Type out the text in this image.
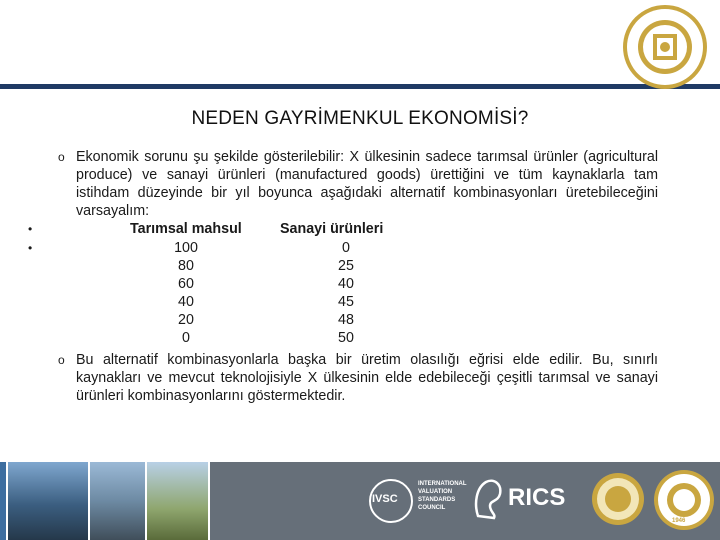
NEDEN GAYRİMENKUL EKONOMİSİ?
o Ekonomik sorunu şu şekilde gösterilebilir: X ülkesinin sadece tarımsal ürünler (agricultural produce) ve sanayi ürünleri (manufactured goods) ürettiğini ve tüm kaynaklarla tam istihdam düzeyinde bir yıl boyunca aşağıdaki alternatif kombinasyonları üretebileceğini varsayalım:
•	Tarımsal mahsul	Sanayi ürünleri
•	100	0
80	25
60	40
40	45
20	48
0	50
o Bu alternatif kombinasyonlarla başka bir üretim olasılığı eğrisi elde edilir. Bu, sınırlı kaynakları ve mevcut teknolojisiyle X ülkesinin elde edebileceği çeşitli tarımsal ve sanayi ürünleri kombinasyonlarını göstermektedir.
IVSC
INTERNATIONAL VALUATION STANDARDS COUNCIL	RICS
1946
